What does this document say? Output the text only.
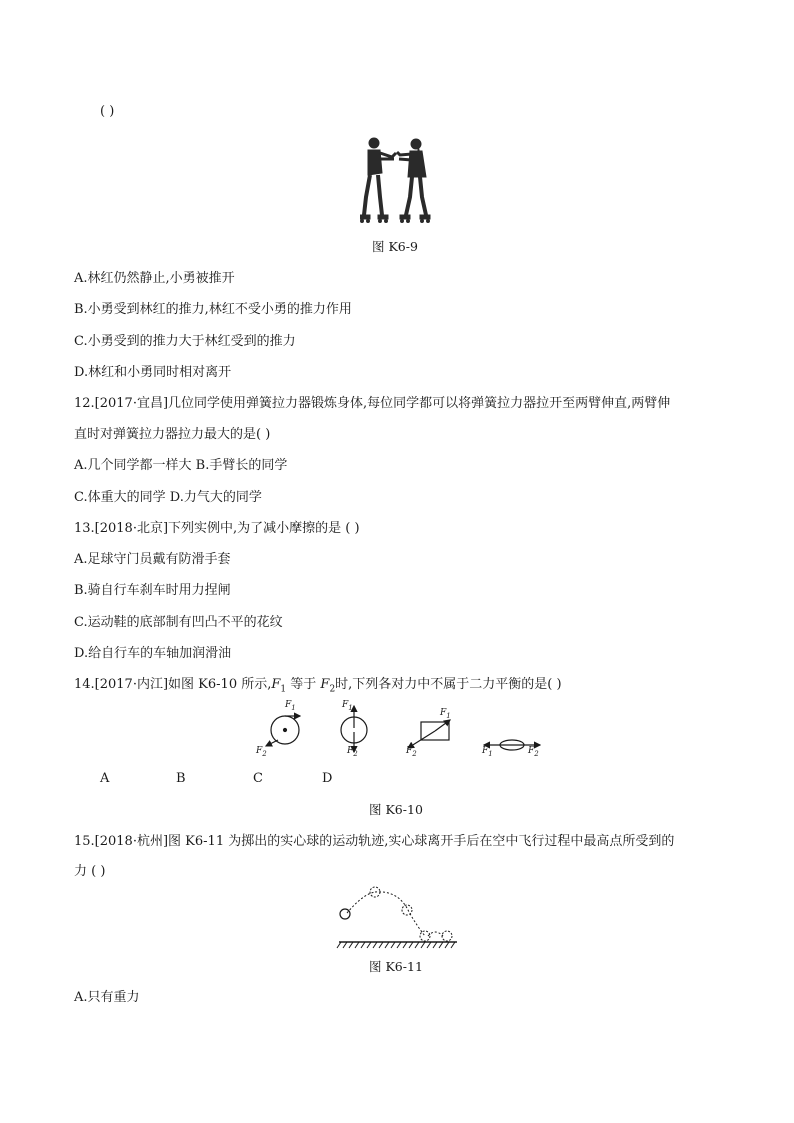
( )
图 K6-9
A.林红仍然静止,小勇被推开
B.小勇受到林红的推力,林红不受小勇的推力作用
C.小勇受到的推力大于林红受到的推力
D.林红和小勇同时相对离开
12.[2017·宜昌]几位同学使用弹簧拉力器锻炼身体,每位同学都可以将弹簧拉力器拉开至两臂伸直,两臂伸
直时对弹簧拉力器拉力最大的是( )
A.几个同学都一样大 B.手臂长的同学
C.体重大的同学 D.力气大的同学
13.[2018·北京]下列实例中,为了减小摩擦的是 ( )
A.足球守门员戴有防滑手套
B.骑自行车刹车时用力捏闸
C.运动鞋的底部制有凹凸不平的花纹
D.给自行车的车轴加润滑油
14.[2017·内江]如图 K6-10 所示$,F_1$ 等于 $F_2$时,下列各对力中不属于二力平衡的是( )
$F_1$
$F_2$
$F_1$
$F_2$
$F_1$
$F_2$	$F_1$	$F_2$
A	B	C	D
图 K6-10
15.[2018·杭州]图 K6-11 为掷出的实心球的运动轨迹,实心球离开手后在空中飞行过程中最高点所受到的
力 ( )
图 K6-11
A.只有重力
